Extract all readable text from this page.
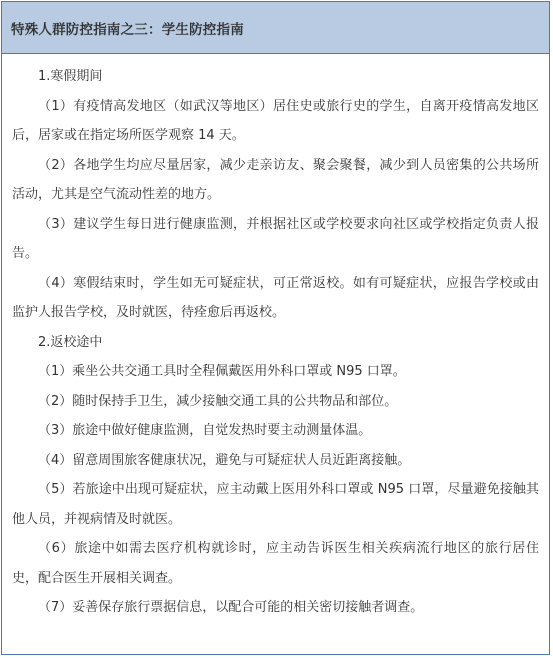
特殊人群防控指南之三：学生防控指南

1.寒假期间

（1）有疫情高发地区（如武汉等地区）居住史或旅行史的学生，自离开疫情高发地区后，居家或在指定场所医学观察 14 天。

（2）各地学生均应尽量居家，减少走亲访友、聚会聚餐，减少到人员密集的公共场所活动，尤其是空气流动性差的地方。

（3）建议学生每日进行健康监测，并根据社区或学校要求向社区或学校指定负责人报告。

（4）寒假结束时，学生如无可疑症状，可正常返校。如有可疑症状，应报告学校或由监护人报告学校，及时就医，待痊愈后再返校。

2.返校途中

（1）乘坐公共交通工具时全程佩戴医用外科口罩或 N95 口罩。

（2）随时保持手卫生，减少接触交通工具的公共物品和部位。

（3）旅途中做好健康监测，自觉发热时要主动测量体温。

（4）留意周围旅客健康状况，避免与可疑症状人员近距离接触。

（5）若旅途中出现可疑症状，应主动戴上医用外科口罩或 N95 口罩，尽量避免接触其他人员，并视病情及时就医。

（6）旅途中如需去医疗机构就诊时，应主动告诉医生相关疾病流行地区的旅行居住史，配合医生开展相关调查。

（7）妥善保存旅行票据信息，以配合可能的相关密切接触者调查。
